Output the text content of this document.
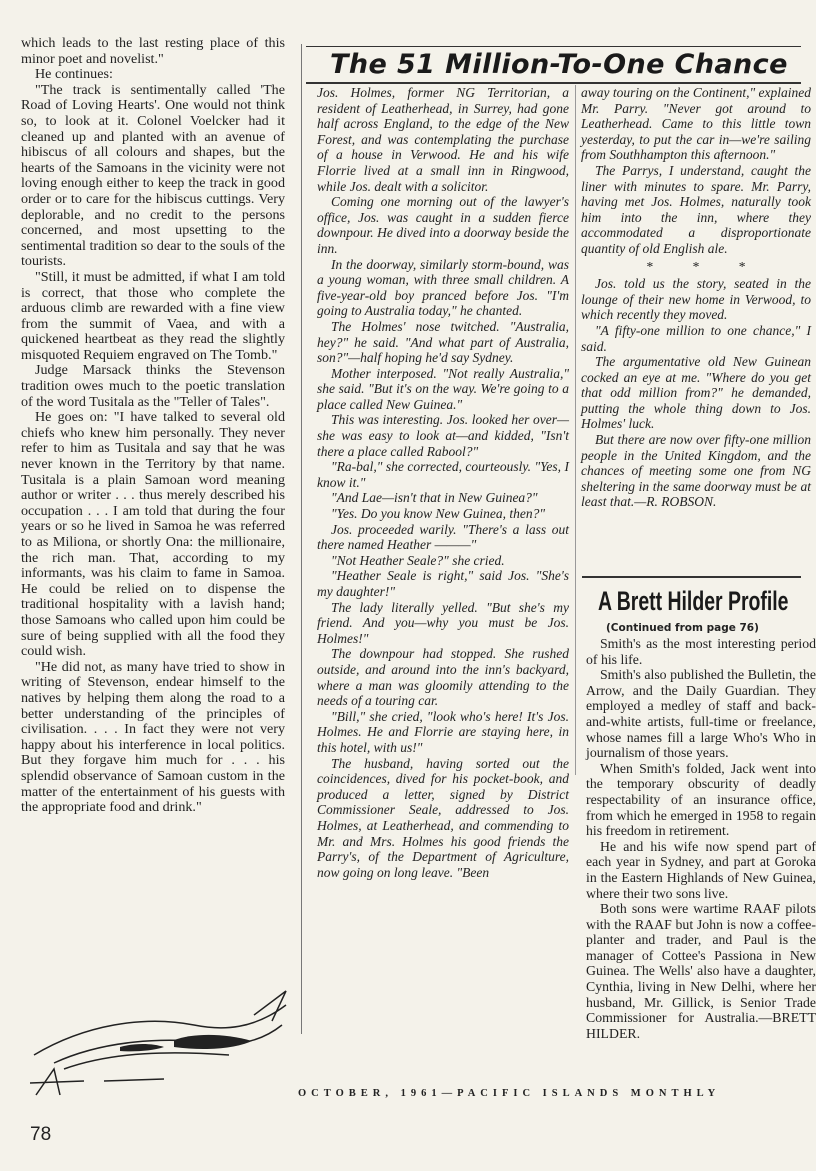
which leads to the last resting place of this minor poet and novelist."

He continues:

"The track is sentimentally called 'The Road of Loving Hearts'. One would not think so, to look at it. Colonel Voelcker had it cleaned up and planted with an avenue of hibiscus of all colours and shapes, but the hearts of the Samoans in the vicinity were not loving enough either to keep the track in good order or to care for the hibiscus cuttings. Very deplorable, and no credit to the persons concerned, and most upsetting to the sentimental tradition so dear to the souls of the tourists.

"Still, it must be admitted, if what I am told is correct, that those who complete the arduous climb are rewarded with a fine view from the summit of Vaea, and with a quickened heartbeat as they read the slightly misquoted Requiem engraved on The Tomb."

Judge Marsack thinks the Stevenson tradition owes much to the poetic translation of the word Tusitala as the "Teller of Tales".

He goes on: "I have talked to several old chiefs who knew him personally. They never refer to him as Tusitala and say that he was never known in the Territory by that name. Tusitala is a plain Samoan word meaning author or writer . . . thus merely described his occupation . . . I am told that during the four years or so he lived in Samoa he was referred to as Miliona, or shortly Ona: the millionaire, the rich man. That, according to my informants, was his claim to fame in Samoa. He could be relied on to dispense the traditional hospitality with a lavish hand; those Samoans who called upon him could be sure of being supplied with all the food they could wish.

"He did not, as many have tried to show in writing of Stevenson, endear himself to the natives by helping them along the road to a better understanding of the principles of civilisation. . . . In fact they were not very happy about his interference in local politics. But they forgave him much for . . . his splendid observance of Samoan custom in the matter of the entertainment of his guests with the appropriate food and drink."

The 51 Million-To-One Chance

Jos. Holmes, former NG Territorian, a resident of Leatherhead, in Surrey, had gone half across England, to the edge of the New Forest, and was contemplating the purchase of a house in Verwood. He and his wife Florrie lived at a small inn in Ringwood, while Jos. dealt with a solicitor.

Coming one morning out of the lawyer's office, Jos. was caught in a sudden fierce downpour. He dived into a doorway beside the inn.

In the doorway, similarly storm-bound, was a young woman, with three small children. A five-year-old boy pranced before Jos. "I'm going to Australia today," he chanted.

The Holmes' nose twitched. "Australia, hey?" he said. "And what part of Australia, son?"—half hoping he'd say Sydney.

Mother interposed. "Not really Australia," she said. "But it's on the way. We're going to a place called New Guinea."

This was interesting. Jos. looked her over—she was easy to look at—and kidded, "Isn't there a place called Rabool?"

"Ra-bal," she corrected, courteously. "Yes, I know it."

"And Lae—isn't that in New Guinea?"

"Yes. Do you know New Guinea, then?"

Jos. proceeded warily. "There's a lass out there named Heather ———"

"Not Heather Seale?" she cried.

"Heather Seale is right," said Jos. "She's my daughter!"

The lady literally yelled. "But she's my friend. And you—why you must be Jos. Holmes!"

The downpour had stopped. She rushed outside, and around into the inn's backyard, where a man was gloomily attending to the needs of a touring car.

"Bill," she cried, "look who's here! It's Jos. Holmes. He and Florrie are staying here, in this hotel, with us!"

The husband, having sorted out the coincidences, dived for his pocket-book, and produced a letter, signed by District Commissioner Seale, addressed to Jos. Holmes, at Leatherhead, and commending to Mr. and Mrs. Holmes his good friends the Parry's, of the Department of Agriculture, now going on long leave. "Been

away touring on the Continent," explained Mr. Parry. "Never got around to Leatherhead. Came to this little town yesterday, to put the car in—we're sailing from Southhampton this afternoon."

The Parrys, I understand, caught the liner with minutes to spare. Mr. Parry, having met Jos. Holmes, naturally took him into the inn, where they accommodated a disproportionate quantity of old English ale.

* * *

Jos. told us the story, seated in the lounge of their new home in Verwood, to which recently they moved.

"A fifty-one million to one chance," I said.

The argumentative old New Guinean cocked an eye at me. "Where do you get that odd million from?" he demanded, putting the whole thing down to Jos. Holmes' luck.

But there are now over fifty-one million people in the United Kingdom, and the chances of meeting some one from NG sheltering in the same doorway must be at least that.—R. ROBSON.

A Brett Hilder Profile
(Continued from page 76)

Smith's as the most interesting period of his life.

Smith's also published the Bulletin, the Arrow, and the Daily Guardian. They employed a medley of staff and back-and-white artists, full-time or freelance, whose names fill a large Who's Who in journalism of those years.

When Smith's folded, Jack went into the temporary obscurity of deadly respectability of an insurance office, from which he emerged in 1958 to regain his freedom in retirement.

He and his wife now spend part of each year in Sydney, and part at Goroka in the Eastern Highlands of New Guinea, where their two sons live.

Both sons were wartime RAAF pilots with the RAAF but John is now a coffee-planter and trader, and Paul is the manager of Cottee's Passiona in New Guinea. The Wells' also have a daughter, Cynthia, living in New Delhi, where her husband, Mr. Gillick, is Senior Trade Commissioner for Australia.—BRETT HILDER.

78
OCTOBER, 1961—PACIFIC ISLANDS MONTHLY
